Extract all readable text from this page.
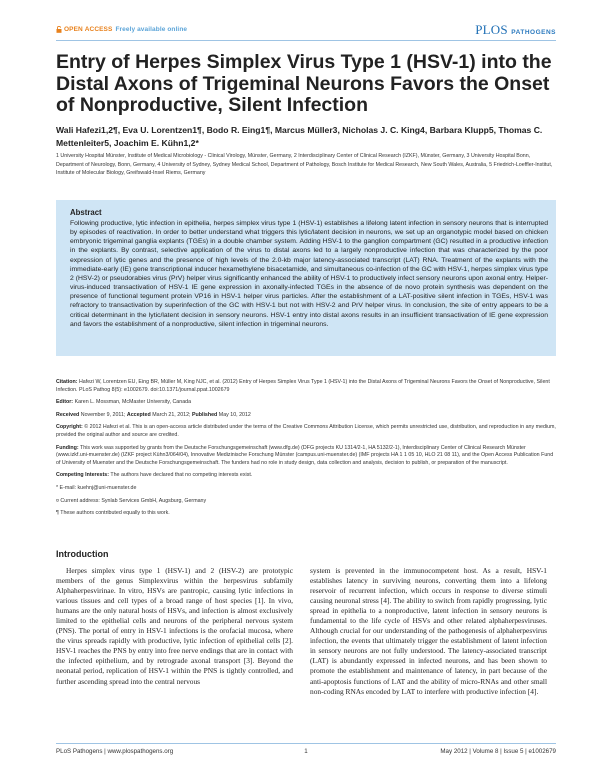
OPEN
ACCESS Freely available online	PLOS PATHOGENS
Entry of Herpes Simplex Virus Type 1 (HSV-1) into the Distal Axons of Trigeminal Neurons Favors the Onset of Nonproductive, Silent Infection
Wali Hafezi1,2¶, Eva U. Lorentzen1¶, Bodo R. Eing1¶, Marcus Müller3, Nicholas J. C. King4, Barbara Klupp5, Thomas C. Mettenleiter5, Joachim E. Kühn1,2*
1 University Hospital Münster, Institute of Medical Microbiology - Clinical Virology, Münster, Germany, 2 Interdisciplinary Center of Clinical Research (IZKF), Münster, Germany, 3 University Hospital Bonn, Department of Neurology, Bonn, Germany, 4 University of Sydney, Sydney Medical School, Department of Pathology, Bosch Institute for Medical Research, New South Wales, Australia, 5 Friedrich-Loeffler-Institut, Institute of Molecular Biology, Greifswald-Insel Riems, Germany
Abstract
Following productive, lytic infection in epithelia, herpes simplex virus type 1 (HSV-1) establishes a lifelong latent infection in sensory neurons that is interrupted by episodes of reactivation. In order to better understand what triggers this lytic/latent decision in neurons, we set up an organotypic model based on chicken embryonic trigeminal ganglia explants (TGEs) in a double chamber system. Adding HSV-1 to the ganglion compartment (GC) resulted in a productive infection in the explants. By contrast, selective application of the virus to distal axons led to a largely nonproductive infection that was characterized by the poor expression of lytic genes and the presence of high levels of the 2.0-kb major latency-associated transcript (LAT) RNA. Treatment of the explants with the immediate-early (IE) gene transcriptional inducer hexamethylene bisacetamide, and simultaneous co-infection of the GC with HSV-1, herpes simplex virus type 2 (HSV-2) or pseudorabies virus (PrV) helper virus significantly enhanced the ability of HSV-1 to productively infect sensory neurons upon axonal entry. Helper-virus-induced transactivation of HSV-1 IE gene expression in axonally-infected TGEs in the absence of de novo protein synthesis was dependent on the presence of functional tegument protein VP16 in HSV-1 helper virus particles. After the establishment of a LAT-positive silent infection in TGEs, HSV-1 was refractory to transactivation by superinfection of the GC with HSV-1 but not with HSV-2 and PrV helper virus. In conclusion, the site of entry appears to be a critical determinant in the lytic/latent decision in sensory neurons. HSV-1 entry into distal axons results in an insufficient transactivation of IE gene expression and favors the establishment of a nonproductive, silent infection in trigeminal neurons.

Citation: Hafezi W, Lorentzen EU, Eing BR, Müller M, King NJC, et al. (2012) Entry of Herpes Simplex Virus Type 1 (HSV-1) into the Distal Axons of Trigeminal Neurons Favors the Onset of Nonproductive, Silent Infection. PLoS Pathog 8(5): e1002679. doi:10.1371/journal.ppat.1002679

Editor: Karen L. Mossman, McMaster University, Canada

Received November 9, 2011; Accepted March 21, 2012; Published May 10, 2012

Copyright: © 2012 Hafezi et al. This is an open-access article distributed under the terms of the Creative Commons Attribution License, which permits unrestricted use, distribution, and reproduction in any medium, provided the original author and source are credited.

Funding: This work was supported by grants from the Deutsche Forschungsgemeinschaft (www.dfg.de) (DFG projects KU 1314/2-1, HA 5132/2-1), Interdisciplinary Center of Clinical Research Münster (www.izkf.uni-muenster.de) (IZKF project Kühn3/064/04), Innovative Medizinische Forschung Münster (campus.uni-muenster.de) (IMF projects HA 1 1 05 10, HLO 21 08 11), and the Open Access Publication Fund of University of Muenster and the Deutsche Forschungsgemeinschaft. The funders had no role in study design, data collection and analysis, decision to publish, or preparation of the manuscript.

Competing Interests: The authors have declared that no competing interests exist.

* E-mail: kuehnj@uni-muenster.de

¤ Current address: Synlab Services GmbH, Augsburg, Germany

¶ These authors contributed equally to this work.

Introduction
Herpes simplex virus type 1 (HSV-1) and 2 (HSV-2) are prototypic members of the genus Simplexvirus within the herpesvirus subfamily Alphaherpesvirinae. In vitro, HSVs are pantropic, causing lytic infections in various tissues and cell types of a broad range of host species [1]. In vivo, humans are the only natural hosts of HSVs, and infection is almost exclusively limited to the epithelial cells and neurons of the peripheral nervous system (PNS). The portal of entry in HSV-1 infections is the orofacial mucosa, where the virus spreads rapidly with productive, lytic infection of epithelial cells [2]. HSV-1 reaches the PNS by entry into free nerve endings that are in contact with the infected epithelium, and by retrograde axonal transport [3]. Beyond the neonatal period, replication of HSV-1 within the PNS is tightly controlled, and further ascending spread into the central nervous

system is prevented in the immunocompetent host. As a result, HSV-1 establishes latency in surviving neurons, converting them into a lifelong reservoir of recurrent infection, which occurs in response to diverse stimuli causing neuronal stress [4]. The ability to switch from rapidly progressing, lytic spread in epithelia to a nonproductive, latent infection in sensory neurons is fundamental to the life cycle of HSVs and other related alphaherpesviruses. Although crucial for our understanding of the pathogenesis of alphaherpesvirus infection, the events that ultimately trigger the establishment of latent infection in sensory neurons are not fully understood. The latency-associated transcript (LAT) is abundantly expressed in infected neurons, and has been shown to promote the establishment and maintenance of latency, in part because of the anti-apoptosis functions of LAT and the ability of micro-RNAs and other small non-coding RNAs encoded by LAT to interfere with productive infection [4].

PLoS Pathogens | www.plospathogens.org	1	May 2012 | Volume 8 | Issue 5 | e1002679
